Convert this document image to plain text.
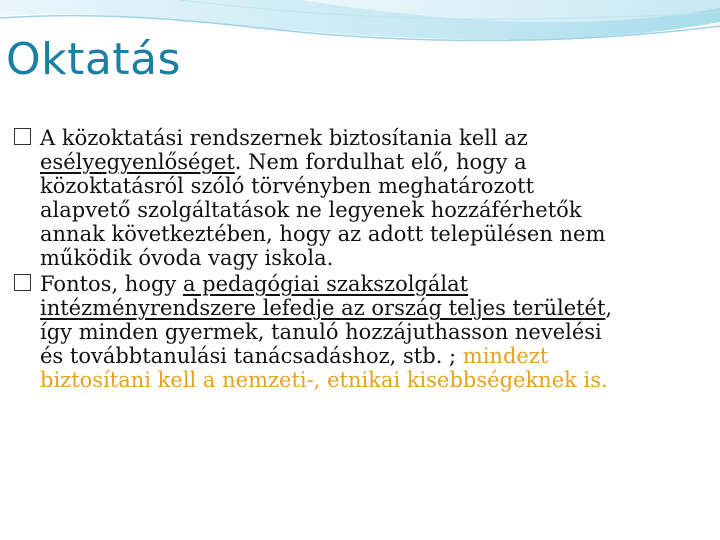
Oktatás
A közoktatási rendszernek biztosítania kell az esélyegyenlőséget. Nem fordulhat elő, hogy a közoktatásról szóló törvényben meghatározott alapvető szolgáltatások ne legyenek hozzáférhetők annak következtében, hogy az adott településen nem működik óvoda vagy iskola.
Fontos, hogy a pedagógiai szakszolgálat intézményrendszere lefedje az ország teljes területét, így minden gyermek, tanuló hozzájuthasson nevelési és továbbtanulási tanácsadáshoz, stb. ; mindezt biztosítani kell a nemzeti-, etnikai kisebbségeknek is.
